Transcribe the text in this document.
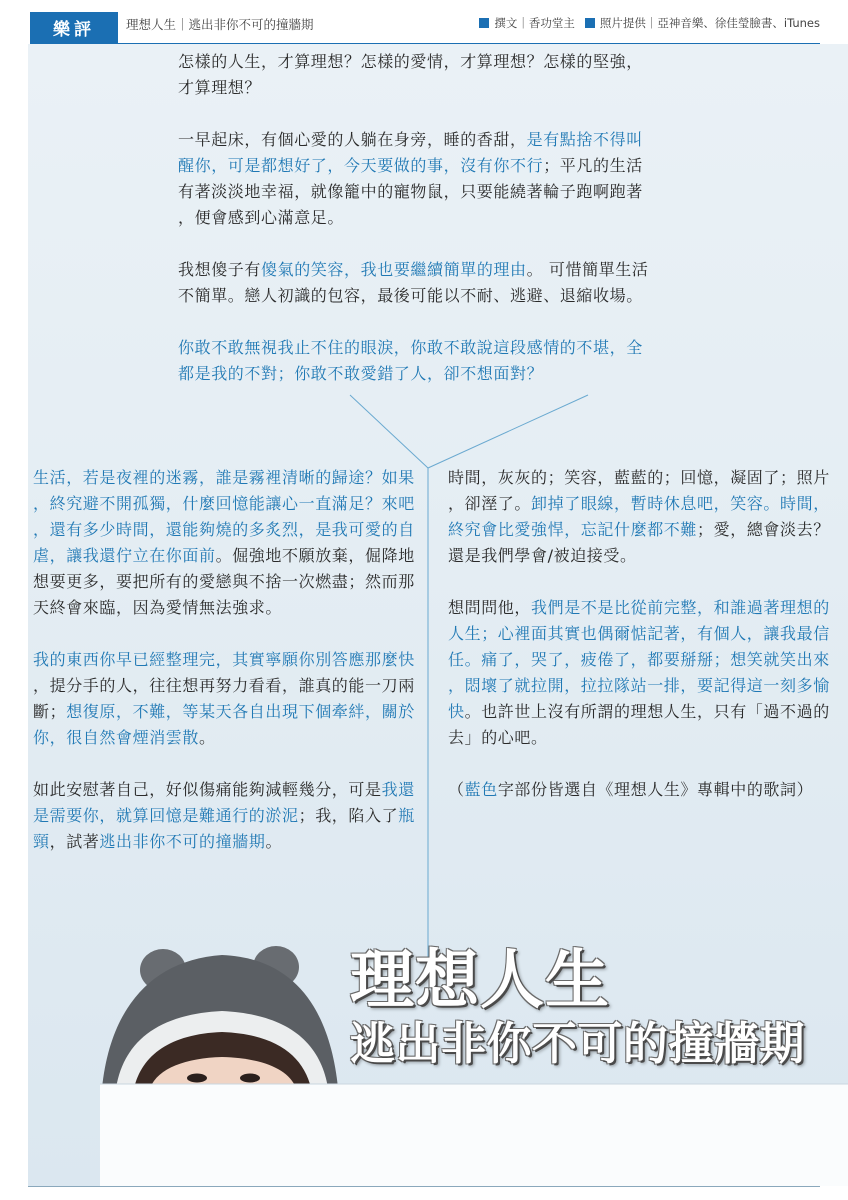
樂評	理想人生｜逃出非你不可的撞牆期	撰文｜香功堂主 照片提供｜亞神音樂、徐佳瑩臉書、iTunes
怎樣的人生，才算理想？怎樣的愛情，才算理想？怎樣的堅強，
才算理想？
一早起床，有個心愛的人躺在身旁，睡的香甜，是有點捨不得叫
醒你，可是都想好了，今天要做的事，沒有你不行；平凡的生活
有著淡淡地幸福，就像籠中的寵物鼠，只要能繞著輪子跑啊跑著
，便會感到心滿意足。
我想傻子有傻氣的笑容，我也要繼續簡單的理由。 可惜簡單生活
不簡單。戀人初識的包容，最後可能以不耐、逃避、退縮收場。
你敢不敢無視我止不住的眼淚，你敢不敢說這段感情的不堪，全
都是我的不對；你敢不敢愛錯了人，卻不想面對？
生活，若是夜裡的迷霧，誰是霧裡清晰的歸途？如果
，終究避不開孤獨，什麼回憶能讓心一直滿足？來吧
，還有多少時間，還能夠燒的多炙烈，是我可愛的自
虐，讓我還佇立在你面前。倔強地不願放棄，倔降地
想要更多，要把所有的愛戀與不捨一次燃盡；然而那
天終會來臨，因為愛情無法強求。
我的東西你早已經整理完，其實寧願你別答應那麼快
，提分手的人，往往想再努力看看，誰真的能一刀兩
斷；想復原，不難，等某天各自出現下個牽絆，關於
你，很自然會煙消雲散。
如此安慰著自己，好似傷痛能夠減輕幾分，可是我還
是需要你，就算回憶是難通行的淤泥；我，陷入了瓶
頸，試著逃出非你不可的撞牆期。
時間，灰灰的；笑容，藍藍的；回憶，凝固了；照片
，卻溼了。卸掉了眼線，暫時休息吧，笑容。時間，
終究會比愛強悍，忘記什麼都不難；愛，總會淡去？
還是我們學會/被迫接受。
想問問他，我們是不是比從前完整，和誰過著理想的
人生；心裡面其實也偶爾惦記著，有個人，讓我最信
任。痛了，哭了，疲倦了，都要掰掰；想笑就笑出來
，悶壞了就拉開，拉拉隊站一排，要記得這一刻多愉
快。也許世上沒有所謂的理想人生，只有「過不過的
去」的心吧。
（藍色字部份皆選自《理想人生》專輯中的歌詞）
理想人生
逃出非你不可的撞牆期
